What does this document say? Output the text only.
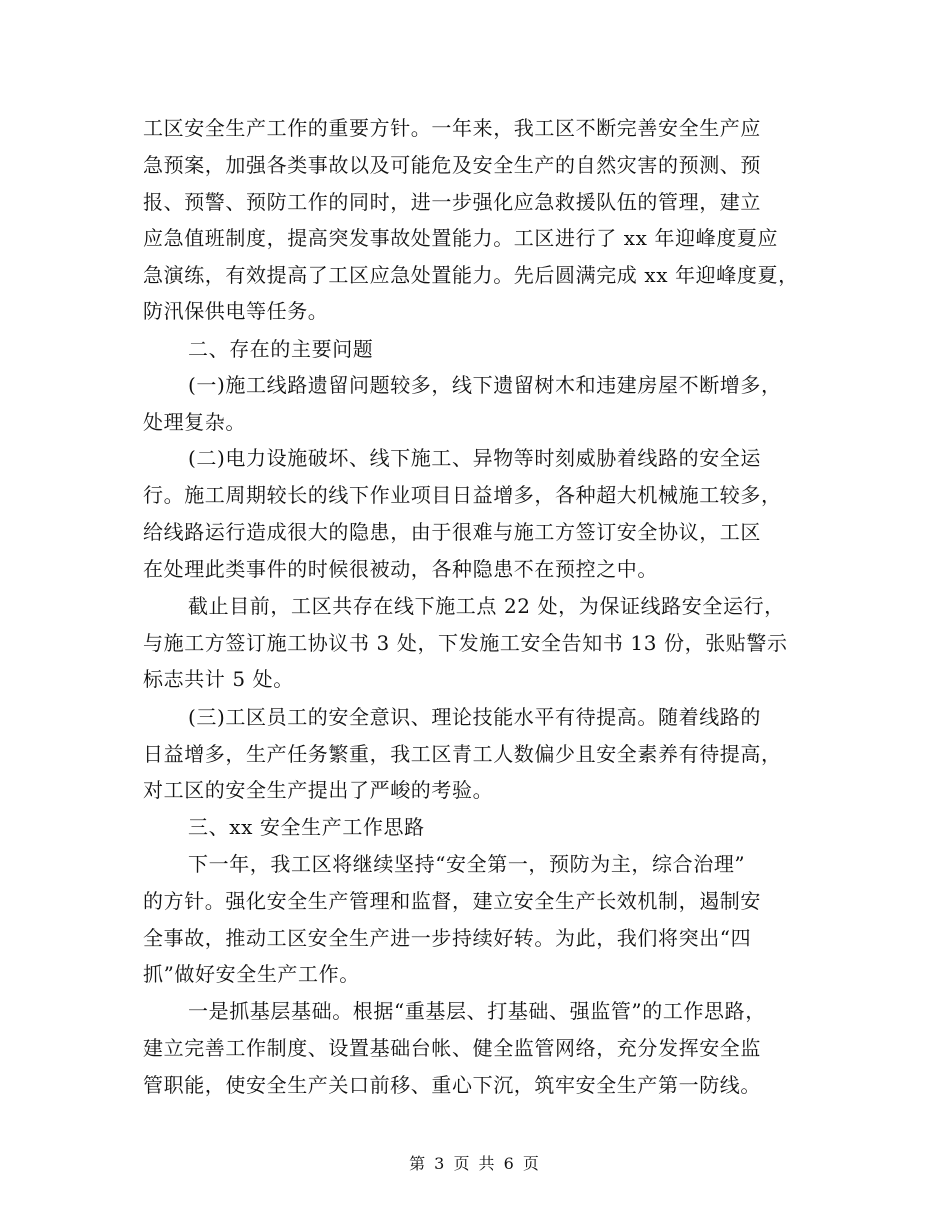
工区安全生产工作的重要方针。一年来，我工区不断完善安全生产应
急预案，加强各类事故以及可能危及安全生产的自然灾害的预测、预
报、预警、预防工作的同时，进一步强化应急救援队伍的管理，建立
应急值班制度，提高突发事故处置能力。工区进行了 xx 年迎峰度夏应
急演练，有效提高了工区应急处置能力。先后圆满完成 xx 年迎峰度夏，
防汛保供电等任务。
二、存在的主要问题
(一)施工线路遗留问题较多，线下遗留树木和违建房屋不断增多，
处理复杂。
(二)电力设施破坏、线下施工、异物等时刻威胁着线路的安全运
行。施工周期较长的线下作业项目日益增多，各种超大机械施工较多，
给线路运行造成很大的隐患，由于很难与施工方签订安全协议，工区
在处理此类事件的时候很被动，各种隐患不在预控之中。
截止目前，工区共存在线下施工点 22 处，为保证线路安全运行，
与施工方签订施工协议书 3 处，下发施工安全告知书 13 份，张贴警示
标志共计 5 处。
(三)工区员工的安全意识、理论技能水平有待提高。随着线路的
日益增多，生产任务繁重，我工区青工人数偏少且安全素养有待提高，
对工区的安全生产提出了严峻的考验。
三、xx 安全生产工作思路
下一年，我工区将继续坚持“安全第一，预防为主，综合治理”
的方针。强化安全生产管理和监督，建立安全生产长效机制，遏制安
全事故，推动工区安全生产进一步持续好转。为此，我们将突出“四
抓”做好安全生产工作。
一是抓基层基础。根据“重基层、打基础、强监管”的工作思路，
建立完善工作制度、设置基础台帐、健全监管网络，充分发挥安全监
管职能，使安全生产关口前移、重心下沉，筑牢安全生产第一防线。
第 3 页 共 6 页
